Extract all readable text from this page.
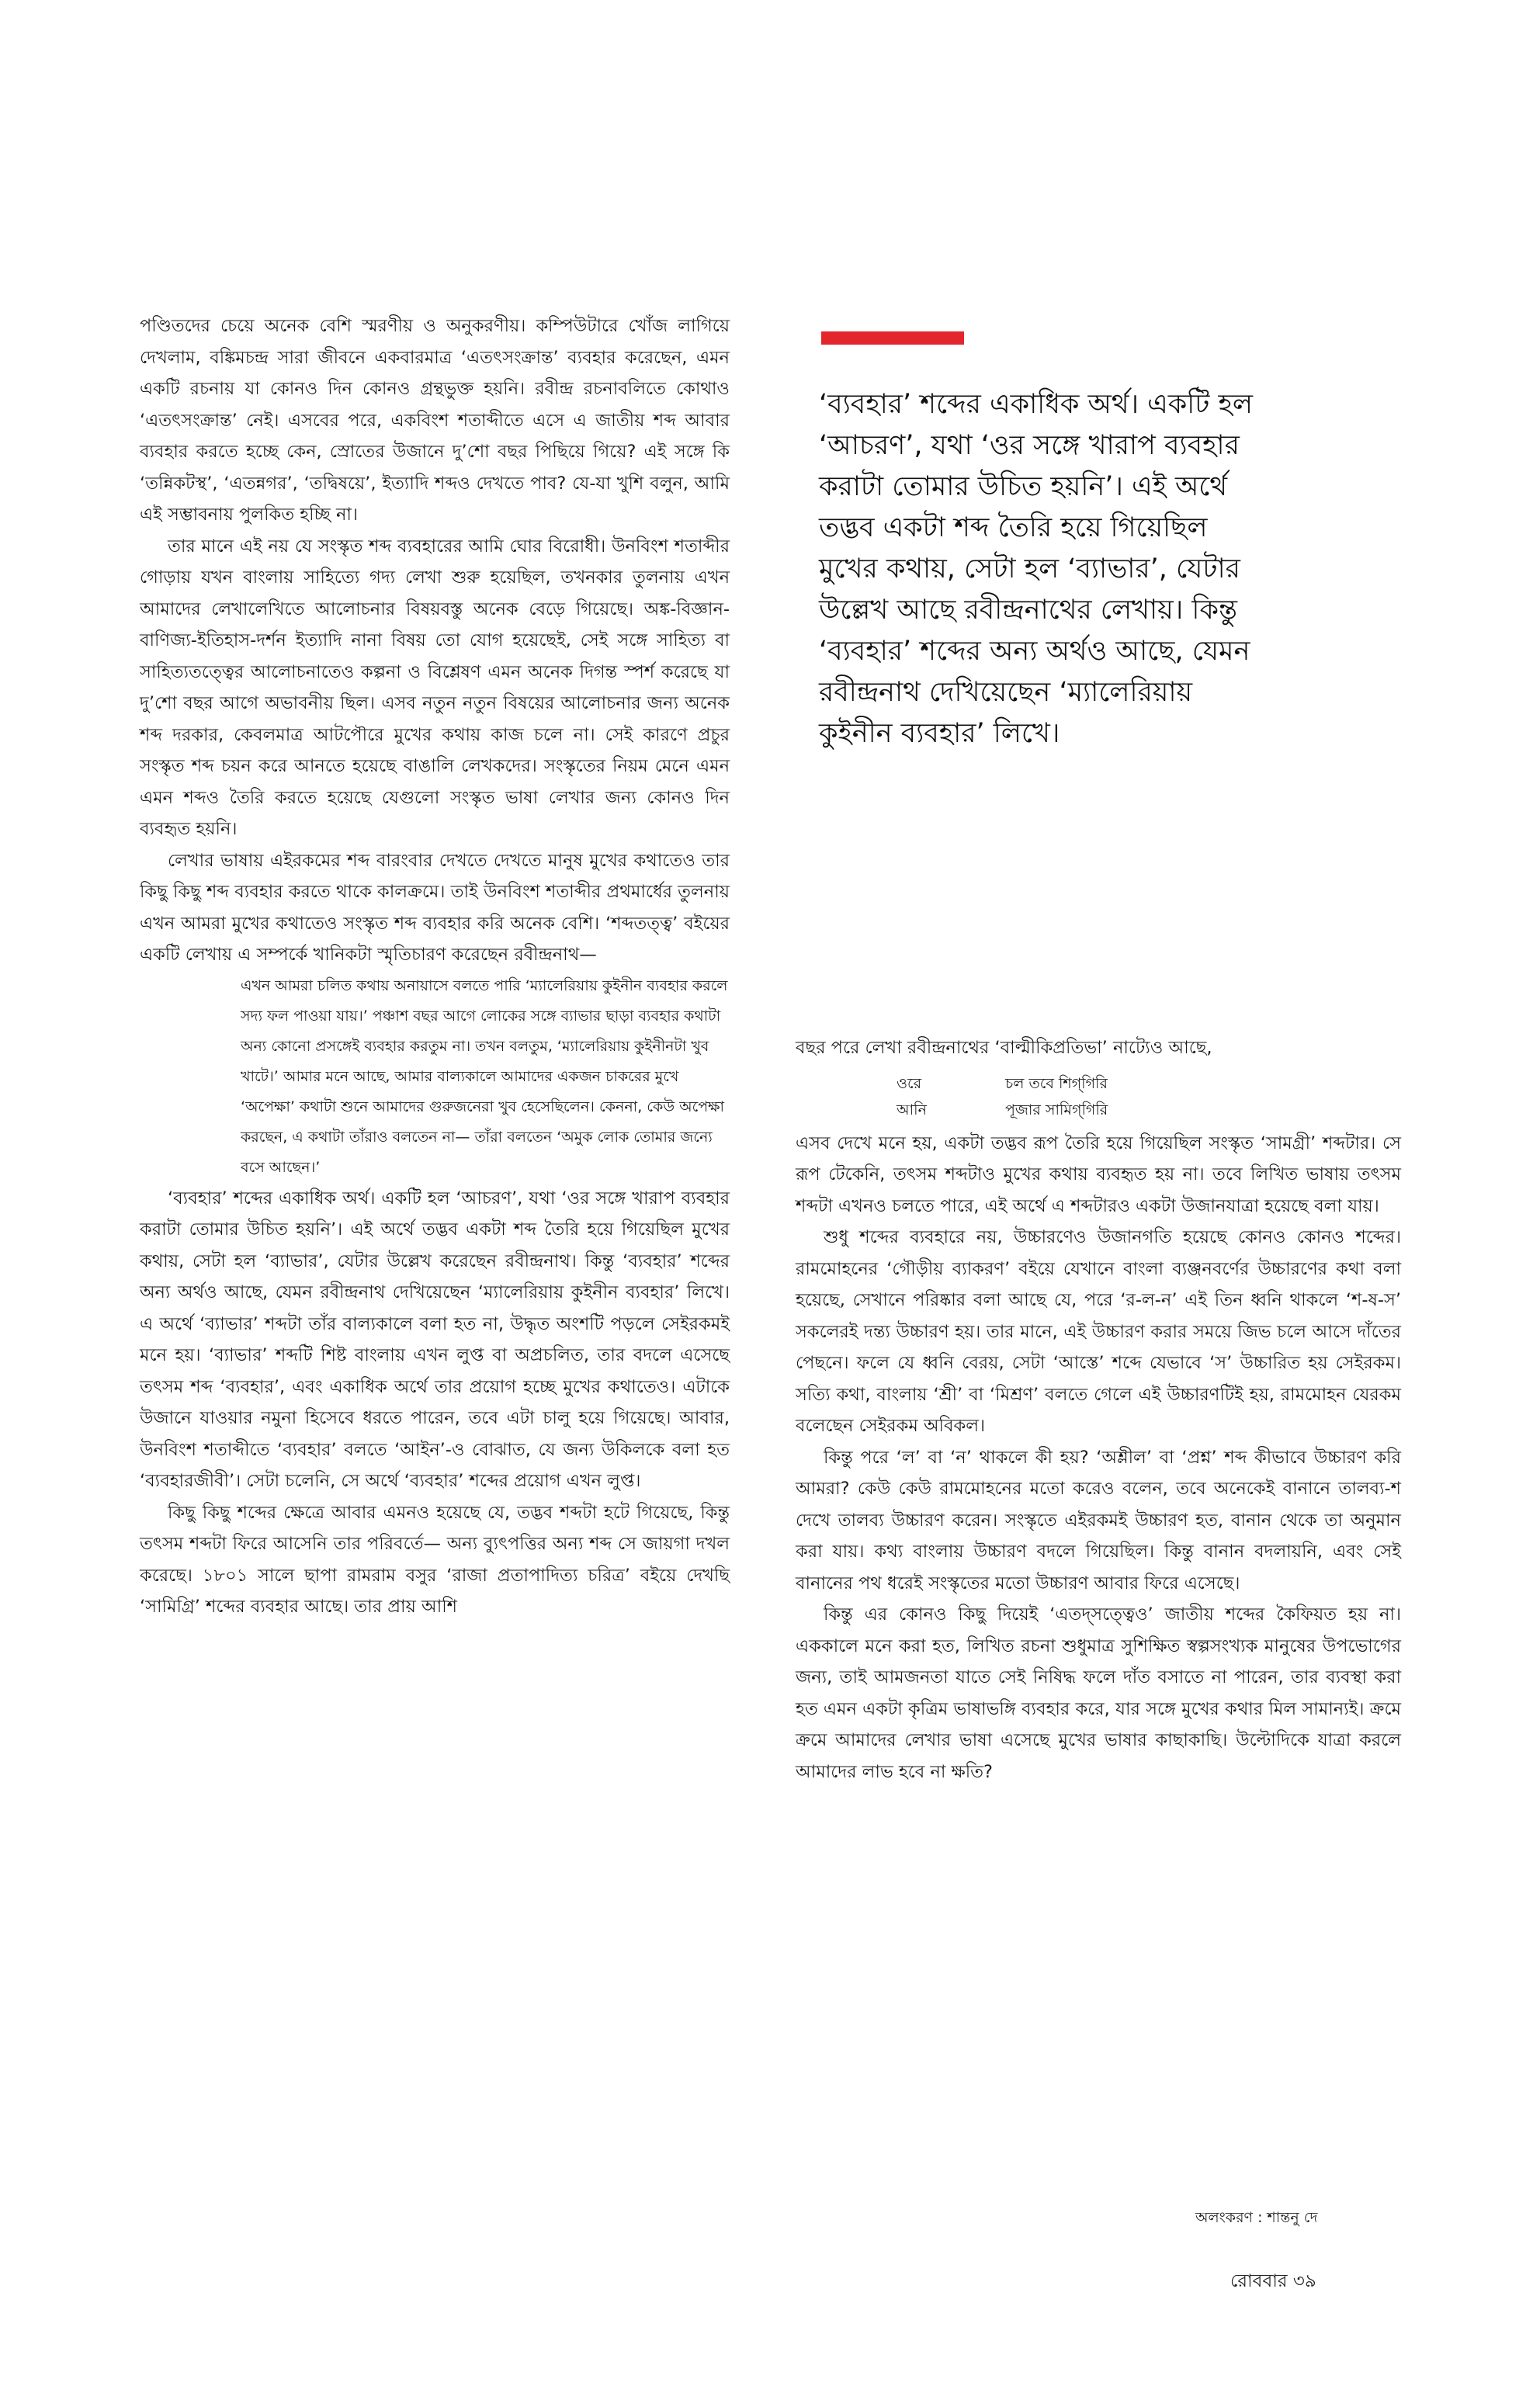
পণ্ডিতদের চেয়ে অনেক বেশি স্মরণীয় ও অনুকরণীয়। কম্পিউটারে খোঁজ লাগিয়ে দেখলাম, বঙ্কিমচন্দ্র সারা জীবনে একবারমাত্র ‘এতৎসংক্রান্ত’ ব্যবহার করেছেন, এমন একটি রচনায় যা কোনও দিন কোনও গ্রন্থভুক্ত হয়নি। রবীন্দ্র রচনাবলিতে কোথাও ‘এতৎসংক্রান্ত’ নেই। এসবের পরে, একবিংশ শতাব্দীতে এসে এ জাতীয় শব্দ আবার ব্যবহার করতে হচ্ছে কেন, স্রোতের উজানে দু’শো বছর পিছিয়ে গিয়ে? এই সঙ্গে কি ‘তন্নিকটস্থ’, ‘এতন্নগর’, ‘তদ্বিষয়ে’, ইত্যাদি শব্দও দেখতে পাব? যে-যা খুশি বলুন, আমি এই সম্ভাবনায় পুলকিত হচ্ছি না।

তার মানে এই নয় যে সংস্কৃত শব্দ ব্যবহারের আমি ঘোর বিরোধী। উনবিংশ শতাব্দীর গোড়ায় যখন বাংলায় সাহিত্যে গদ্য লেখা শুরু হয়েছিল, তখনকার তুলনায় এখন আমাদের লেখালেখিতে আলোচনার বিষয়বস্তু অনেক বেড়ে গিয়েছে। অঙ্ক-বিজ্ঞান-বাণিজ্য-ইতিহাস-দর্শন ইত্যাদি নানা বিষয় তো যোগ হয়েছেই, সেই সঙ্গে সাহিত্য বা সাহিত্যতত্ত্বের আলোচনাতেও কল্পনা ও বিশ্লেষণ এমন অনেক দিগন্ত স্পর্শ করেছে যা দু’শো বছর আগে অভাবনীয় ছিল। এসব নতুন নতুন বিষয়ের আলোচনার জন্য অনেক শব্দ দরকার, কেবলমাত্র আটপৌরে মুখের কথায় কাজ চলে না। সেই কারণে প্রচুর সংস্কৃত শব্দ চয়ন করে আনতে হয়েছে বাঙালি লেখকদের। সংস্কৃতের নিয়ম মেনে এমন এমন শব্দও তৈরি করতে হয়েছে যেগুলো সংস্কৃত ভাষা লেখার জন্য কোনও দিন ব্যবহৃত হয়নি।

লেখার ভাষায় এইরকমের শব্দ বারংবার দেখতে দেখতে মানুষ মুখের কথাতেও তার কিছু কিছু শব্দ ব্যবহার করতে থাকে কালক্রমে। তাই উনবিংশ শতাব্দীর প্রথমার্ধের তুলনায় এখন আমরা মুখের কথাতেও সংস্কৃত শব্দ ব্যবহার করি অনেক বেশি। ‘শব্দতত্ত্ব’ বইয়ের একটি লেখায় এ সম্পর্কে খানিকটা স্মৃতিচারণ করেছেন রবীন্দ্রনাথ—

এখন আমরা চলিত কথায় অনায়াসে বলতে পারি ‘ম্যালেরিয়ায় কুইনীন ব্যবহার করলে সদ্য ফল পাওয়া যায়।’ পঞ্চাশ বছর আগে লোকের সঙ্গে ব্যাভার ছাড়া ব্যবহার কথাটা অন্য কোনো প্রসঙ্গেই ব্যবহার করতুম না। তখন বলতুম, ‘ম্যালেরিয়ায় কুইনীনটা খুব খাটে।’ আমার মনে আছে, আমার বাল্যকালে আমাদের একজন চাকরের মুখে ‘অপেক্ষা’ কথাটা শুনে আমাদের গুরুজনেরা খুব হেসেছিলেন। কেননা, কেউ অপেক্ষা করছেন, এ কথাটা তাঁরাও বলতেন না— তাঁরা বলতেন ‘অমুক লোক তোমার জন্যে বসে আছেন।’

‘ব্যবহার’ শব্দের একাধিক অর্থ। একটি হল ‘আচরণ’, যথা ‘ওর সঙ্গে খারাপ ব্যবহার করাটা তোমার উচিত হয়নি’। এই অর্থে তদ্ভব একটা শব্দ তৈরি হয়ে গিয়েছিল মুখের কথায়, সেটা হল ‘ব্যাভার’, যেটার উল্লেখ করেছেন রবীন্দ্রনাথ। কিন্তু ‘ব্যবহার’ শব্দের অন্য অর্থও আছে, যেমন রবীন্দ্রনাথ দেখিয়েছেন ‘ম্যালেরিয়ায় কুইনীন ব্যবহার’ লিখে। এ অর্থে ‘ব্যাভার’ শব্দটা তাঁর বাল্যকালে বলা হত না, উদ্ধৃত অংশটি পড়লে সেইরকমই মনে হয়। ‘ব্যাভার’ শব্দটি শিষ্ট বাংলায় এখন লুপ্ত বা অপ্রচলিত, তার বদলে এসেছে তৎসম শব্দ ‘ব্যবহার’, এবং একাধিক অর্থে তার প্রয়োগ হচ্ছে মুখের কথাতেও। এটাকে উজানে যাওয়ার নমুনা হিসেবে ধরতে পারেন, তবে এটা চালু হয়ে গিয়েছে। আবার, উনবিংশ শতাব্দীতে ‘ব্যবহার’ বলতে ‘আইন’-ও বোঝাত, যে জন্য উকিলকে বলা হত ‘ব্যবহারজীবী’। সেটা চলেনি, সে অর্থে ‘ব্যবহার’ শব্দের প্রয়োগ এখন লুপ্ত।

কিছু কিছু শব্দের ক্ষেত্রে আবার এমনও হয়েছে যে, তদ্ভব শব্দটা হটে গিয়েছে, কিন্তু তৎসম শব্দটা ফিরে আসেনি তার পরিবর্তে— অন্য ব্যুৎপত্তির অন্য শব্দ সে জায়গা দখল করেছে। ১৮০১ সালে ছাপা রামরাম বসুর ‘রাজা প্রতাপাদিত্য চরিত্র’ বইয়ে দেখছি ‘সামিগ্রি’ শব্দের ব্যবহার আছে। তার প্রায় আশি

‘ব্যবহার’ শব্দের একাধিক অর্থ। একটি হল ‘আচরণ’, যথা ‘ওর সঙ্গে খারাপ ব্যবহার করাটা তোমার উচিত হয়নি’। এই অর্থে তদ্ভব একটা শব্দ তৈরি হয়ে গিয়েছিল মুখের কথায়, সেটা হল ‘ব্যাভার’, যেটার উল্লেখ আছে রবীন্দ্রনাথের লেখায়। কিন্তু ‘ব্যবহার’ শব্দের অন্য অর্থও আছে, যেমন রবীন্দ্রনাথ দেখিয়েছেন ‘ম্যালেরিয়ায় কুইনীন ব্যবহার’ লিখে।

বছর পরে লেখা রবীন্দ্রনাথের ‘বাল্মীকিপ্রতিভা’ নাট্যেও আছে,

ওরে	চল তবে শিগ্‌গিরি
আনি	পূজার সামিগ্‌গিরি

এসব দেখে মনে হয়, একটা তদ্ভব রূপ তৈরি হয়ে গিয়েছিল সংস্কৃত ‘সামগ্রী’ শব্দটার। সে রূপ টেকেনি, তৎসম শব্দটাও মুখের কথায় ব্যবহৃত হয় না। তবে লিখিত ভাষায় তৎসম শব্দটা এখনও চলতে পারে, এই অর্থে এ শব্দটারও একটা উজানযাত্রা হয়েছে বলা যায়।

শুধু শব্দের ব্যবহারে নয়, উচ্চারণেও উজানগতি হয়েছে কোনও কোনও শব্দের। রামমোহনের ‘গৌড়ীয় ব্যাকরণ’ বইয়ে যেখানে বাংলা ব্যঞ্জনবর্ণের উচ্চারণের কথা বলা হয়েছে, সেখানে পরিষ্কার বলা আছে যে, পরে ‘র-ল-ন’ এই তিন ধ্বনি থাকলে ‘শ-ষ-স’ সকলেরই দন্ত্য উচ্চারণ হয়। তার মানে, এই উচ্চারণ করার সময়ে জিভ চলে আসে দাঁতের পেছনে। ফলে যে ধ্বনি বেরয়, সেটা ‘আস্তে’ শব্দে যেভাবে ‘স’ উচ্চারিত হয় সেইরকম। সত্যি কথা, বাংলায় ‘শ্রী’ বা ‘মিশ্রণ’ বলতে গেলে এই উচ্চারণটিই হয়, রামমোহন যেরকম বলেছেন সেইরকম অবিকল।

কিন্তু পরে ‘ল’ বা ‘ন’ থাকলে কী হয়? ‘অশ্লীল’ বা ‘প্রশ্ন’ শব্দ কীভাবে উচ্চারণ করি আমরা? কেউ কেউ রামমোহনের মতো করেও বলেন, তবে অনেকেই বানানে তালব্য-শ দেখে তালব্য উচ্চারণ করেন। সংস্কৃতে এইরকমই উচ্চারণ হত, বানান থেকে তা অনুমান করা যায়। কথ্য বাংলায় উচ্চারণ বদলে গিয়েছিল। কিন্তু বানান বদলায়নি, এবং সেই বানানের পথ ধরেই সংস্কৃতের মতো উচ্চারণ আবার ফিরে এসেছে।

কিন্তু এর কোনও কিছু দিয়েই ‘এতদ্‌সত্ত্বেও’ জাতীয় শব্দের কৈফিয়ত হয় না। এককালে মনে করা হত, লিখিত রচনা শুধুমাত্র সুশিক্ষিত স্বল্পসংখ্যক মানুষের উপভোগের জন্য, তাই আমজনতা যাতে সেই নিষিদ্ধ ফলে দাঁত বসাতে না পারেন, তার ব্যবস্থা করা হত এমন একটা কৃত্রিম ভাষাভঙ্গি ব্যবহার করে, যার সঙ্গে মুখের কথার মিল সামান্যই। ক্রমে ক্রমে আমাদের লেখার ভাষা এসেছে মুখের ভাষার কাছাকাছি। উল্টোদিকে যাত্রা করলে আমাদের লাভ হবে না ক্ষতি?

অলংকরণ : শান্তনু দে
রোববার ৩৯
